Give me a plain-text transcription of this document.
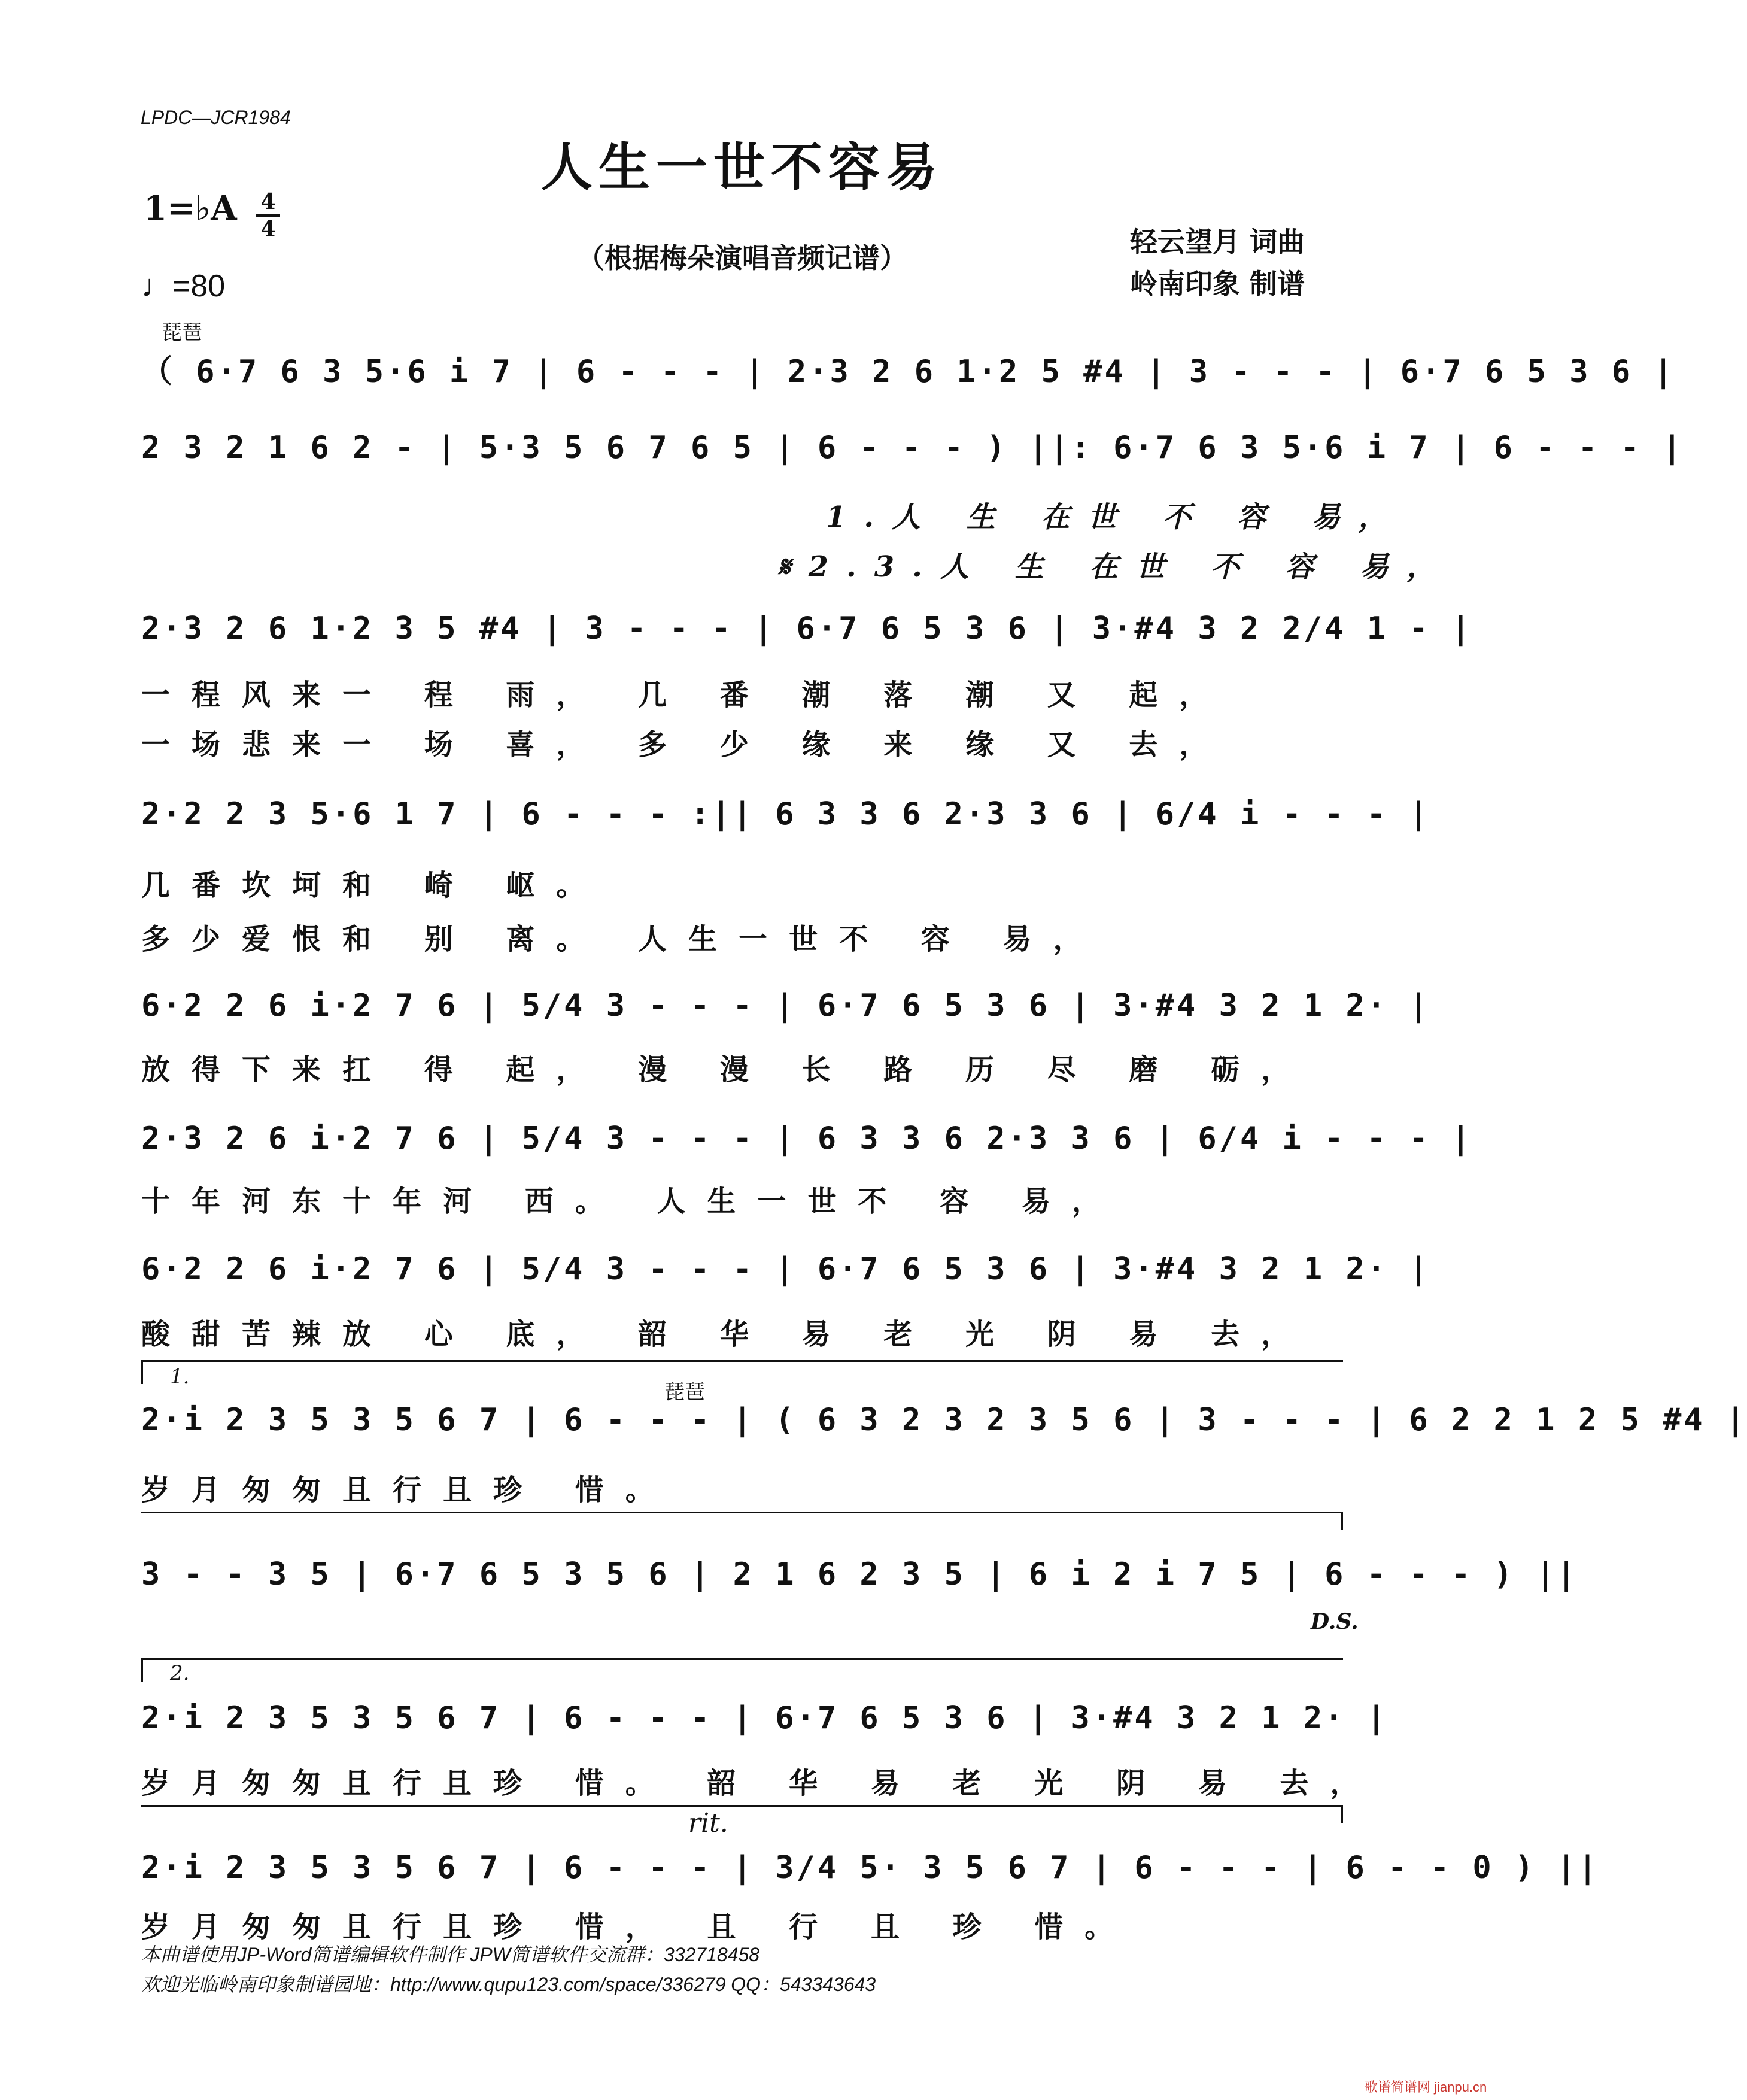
LPDC—JCR1984
人生一世不容易
1=♭A 4
4
♩=80
（根据梅朵演唱音频记谱）	轻云望月 词曲
岭南印象 制谱
琵琶
（ 6·7 6 3 5·6 i 7 | 6 - - - | 2·3 2 6 1·2 5 #4 | 3 - - - | 6·7 6 5 3 6 |
2 3 2 1 6 2 - | 5·3 5 6 7 6 5 | 6 - - - ) ||: 6·7 6 3 5·6 i 7 | 6 - - - |
1.人 生 在世 不 容 易，
𝄋2.3.人 生 在世 不 容 易，
2·3 2 6 1·2 3 5 #4 | 3 - - - | 6·7 6 5 3 6 | 3·#4 3 2 2/4 1 - |
一程风来一 程 雨， 几 番 潮 落 潮 又 起，
一场悲来一 场 喜， 多 少 缘 来 缘 又 去，
2·2 2 3 5·6 1 7 | 6 - - - :|| 6 3 3 6 2·3 3 6 | 6/4 i - - - |
几番坎坷和 崎 岖。
多少爱恨和 别 离。 人生一世不 容 易，
6·2 2 6 i·2 7 6 | 5/4 3 - - - | 6·7 6 5 3 6 | 3·#4 3 2 1 2· |
放得下来扛 得 起， 漫 漫 长 路 历 尽 磨 砺，
2·3 2 6 i·2 7 6 | 5/4 3 - - - | 6 3 3 6 2·3 3 6 | 6/4 i - - - |
十年河东十年河 西。 人生一世不 容 易，
6·2 2 6 i·2 7 6 | 5/4 3 - - - | 6·7 6 5 3 6 | 3·#4 3 2 1 2· |
酸甜苦辣放 心 底， 韶 华 易 老 光 阴 易 去，
1.
琵琶
2·i 2 3 5 3 5 6 7 | 6 - - - | ( 6 3 2 3 2 3 5 6 | 3 - - - | 6 2 2 1 2 5 #4 |
岁月匆匆且行且珍 惜。
3 - - 3 5 | 6·7 6 5 3 5 6 | 2 1 6 2 3 5 | 6 i 2 i 7 5 | 6 - - - ) ||
D.S.
2.
2·i 2 3 5 3 5 6 7 | 6 - - - | 6·7 6 5 3 6 | 3·#4 3 2 1 2· |
岁月匆匆且行且珍 惜。 韶 华 易 老 光 阴 易 去，
rit.
2·i 2 3 5 3 5 6 7 | 6 - - - | 3/4 5· 3 5 6 7 | 6 - - - | 6 - - 0 ) ||
岁月匆匆且行且珍 惜， 且 行 且 珍 惜。
本曲谱使用JP-Word简谱编辑软件制作 JPW简谱软件交流群：332718458
欢迎光临岭南印象制谱园地：http://www.qupu123.com/space/336279 QQ：543343643
歌谱简谱网 jianpu.cn
